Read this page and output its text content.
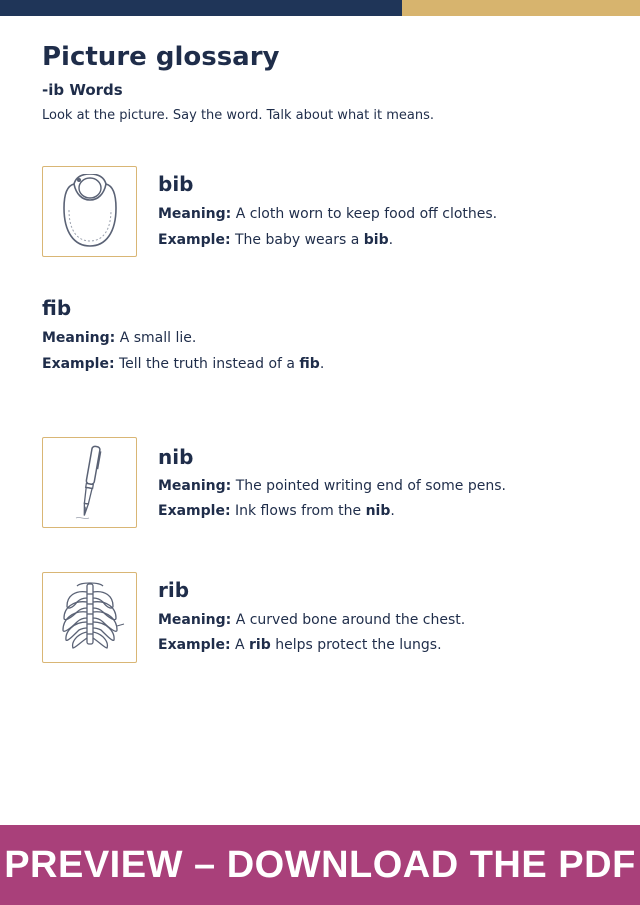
Picture glossary
-ib Words

Look at the picture. Say the word. Talk about what it means.

bib

Meaning: A cloth worn to keep food off clothes.

Example: The baby wears a bib.

fib

Meaning: A small lie.

Example: Tell the truth instead of a fib.

nib

Meaning: The pointed writing end of some pens.

Example: Ink flows from the nib.

rib

Meaning: A curved bone around the chest.

Example: A rib helps protect the lungs.

PREVIEW – DOWNLOAD THE PDF
